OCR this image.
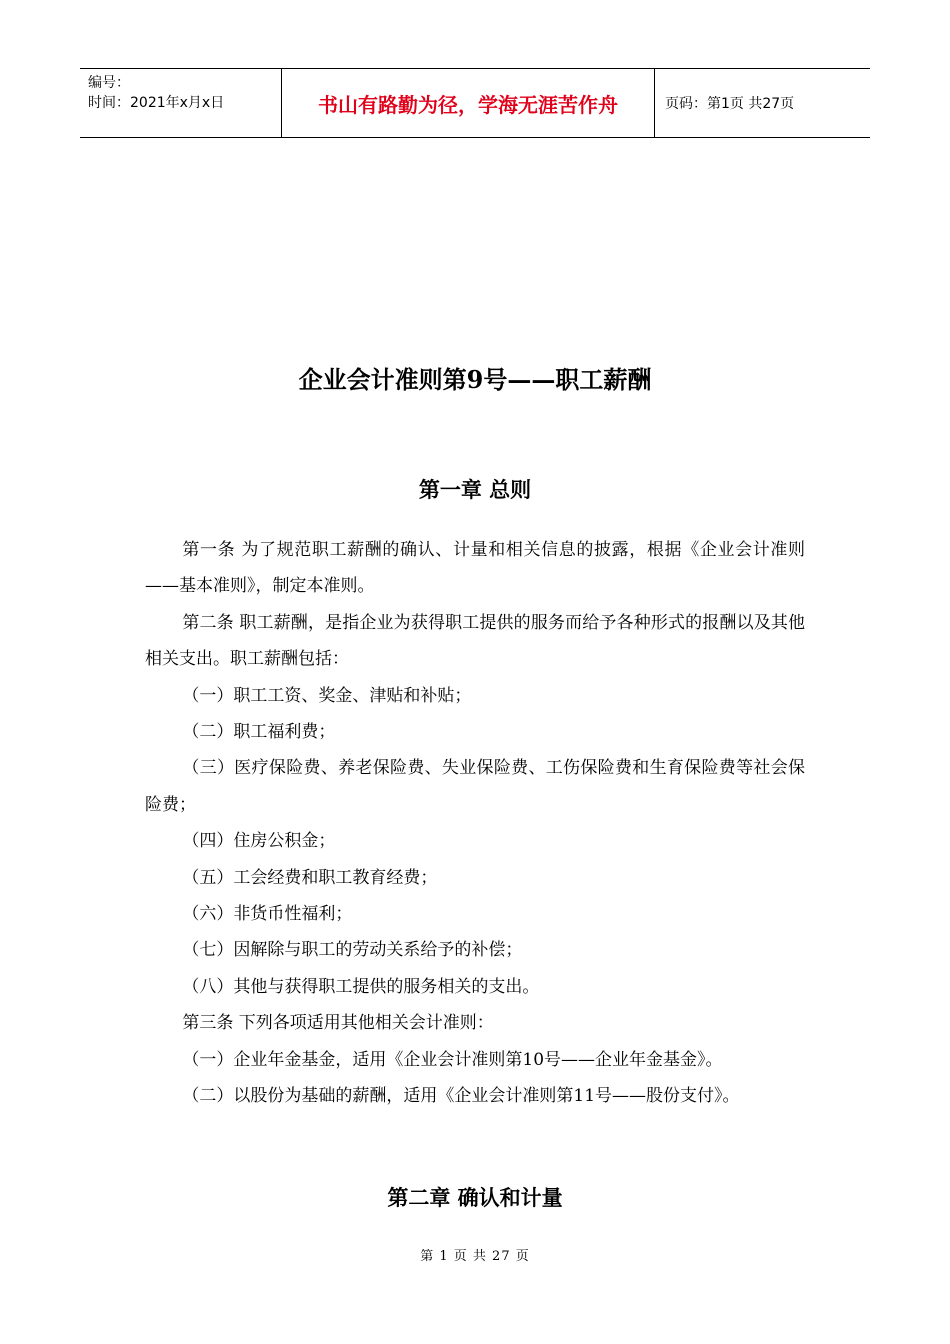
编号：
时间：2021年x月x日	书山有路勤为径，学海无涯苦作舟	页码：第1页 共27页
企业会计准则第9号——职工薪酬
第一章 总则

第一条 为了规范职工薪酬的确认、计量和相关信息的披露，根据《企业会计准则——基本准则》，制定本准则。

第二条 职工薪酬，是指企业为获得职工提供的服务而给予各种形式的报酬以及其他相关支出。职工薪酬包括：

（一）职工工资、奖金、津贴和补贴；

（二）职工福利费；

（三）医疗保险费、养老保险费、失业保险费、工伤保险费和生育保险费等社会保险费；

（四）住房公积金；

（五）工会经费和职工教育经费；

（六）非货币性福利；

（七）因解除与职工的劳动关系给予的补偿；

（八）其他与获得职工提供的服务相关的支出。

第三条 下列各项适用其他相关会计准则：

（一）企业年金基金，适用《企业会计准则第10号——企业年金基金》。

（二）以股份为基础的薪酬，适用《企业会计准则第11号——股份支付》。

第二章 确认和计量
第 1 页 共 27 页
